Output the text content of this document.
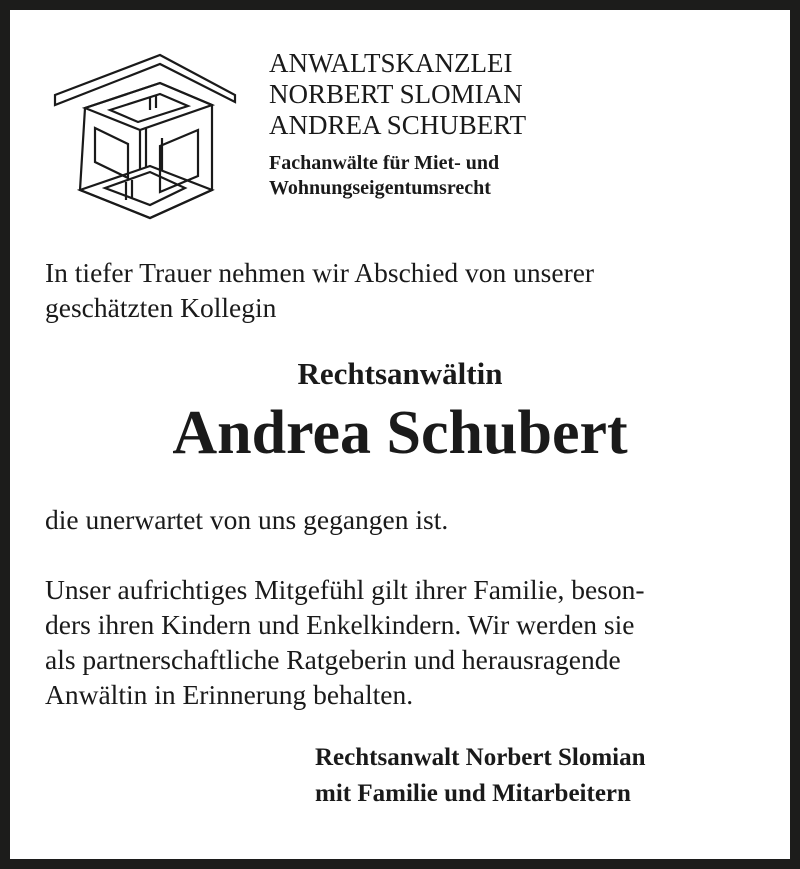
ANWALTSKANZLEI
NORBERT SLOMIAN
ANDREA SCHUBERT
Fachanwälte für Miet- und
Wohnungseigentumsrecht
In tiefer Trauer nehmen wir Abschied von unserer
geschätzten Kollegin
Rechtsanwältin
Andrea Schubert
die unerwartet von uns gegangen ist.
Unser aufrichtiges Mitgefühl gilt ihrer Familie, beson-
ders ihren Kindern und Enkelkindern. Wir werden sie
als partnerschaftliche Ratgeberin und herausragende
Anwältin in Erinnerung behalten.
Rechtsanwalt Norbert Slomian
mit Familie und Mitarbeitern
